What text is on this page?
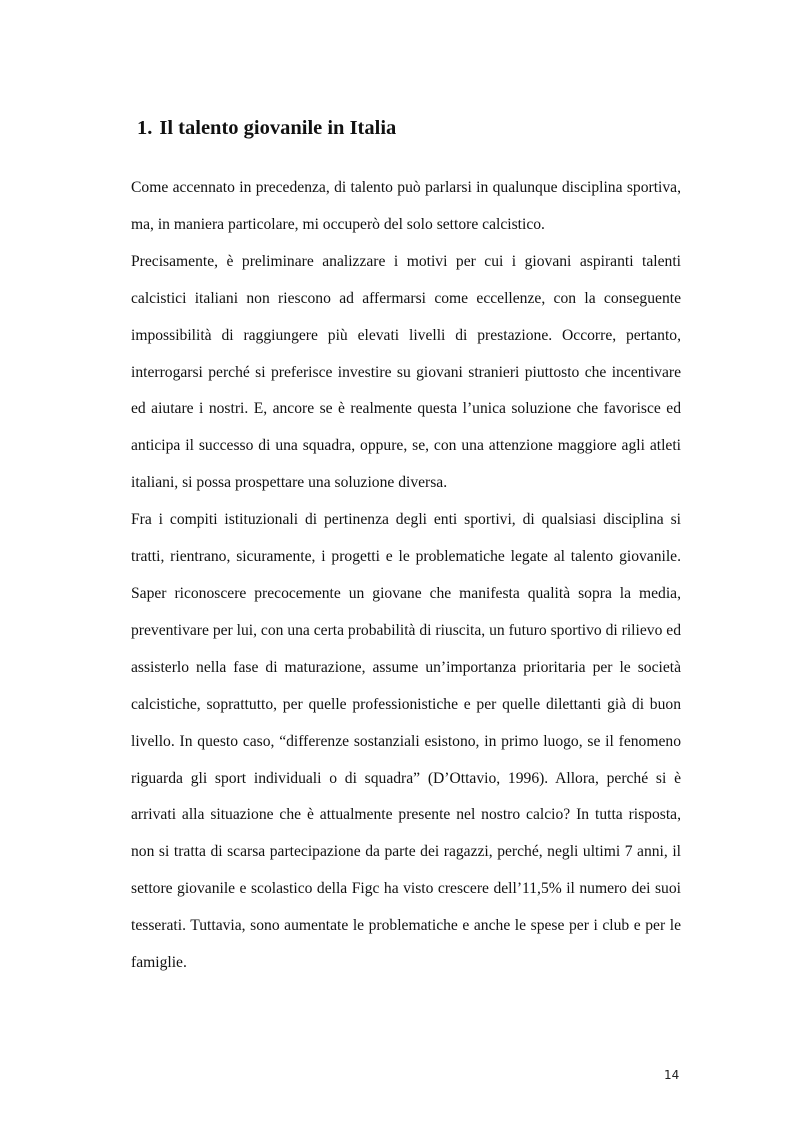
1. Il talento giovanile in Italia

Come accennato in precedenza, di talento può parlarsi in qualunque disciplina sportiva, ma, in maniera particolare, mi occuperò del solo settore calcistico.

Precisamente, è preliminare analizzare i motivi per cui i giovani aspiranti talenti calcistici italiani non riescono ad affermarsi come eccellenze, con la conseguente impossibilità di raggiungere più elevati livelli di prestazione. Occorre, pertanto, interrogarsi perché si preferisce investire su giovani stranieri piuttosto che incentivare ed aiutare i nostri. E, ancore se è realmente questa l’unica soluzione che favorisce ed anticipa il successo di una squadra, oppure, se, con una attenzione maggiore agli atleti italiani, si possa prospettare una soluzione diversa.

Fra i compiti istituzionali di pertinenza degli enti sportivi, di qualsiasi disciplina si tratti, rientrano, sicuramente, i progetti e le problematiche legate al talento giovanile. Saper riconoscere precocemente un giovane che manifesta qualità sopra la media, preventivare per lui, con una certa probabilità di riuscita, un futuro sportivo di rilievo ed assisterlo nella fase di maturazione, assume un’importanza prioritaria per le società calcistiche, soprattutto, per quelle professionistiche e per quelle dilettanti già di buon livello. In questo caso, “differenze sostanziali esistono, in primo luogo, se il fenomeno riguarda gli sport individuali o di squadra” (D’Ottavio, 1996). Allora, perché si è arrivati alla situazione che è attualmente presente nel nostro calcio? In tutta risposta, non si tratta di scarsa partecipazione da parte dei ragazzi, perché, negli ultimi 7 anni, il settore giovanile e scolastico della Figc ha visto crescere dell’11,5% il numero dei suoi tesserati. Tuttavia, sono aumentate le problematiche e anche le spese per i club e per le famiglie.

14
